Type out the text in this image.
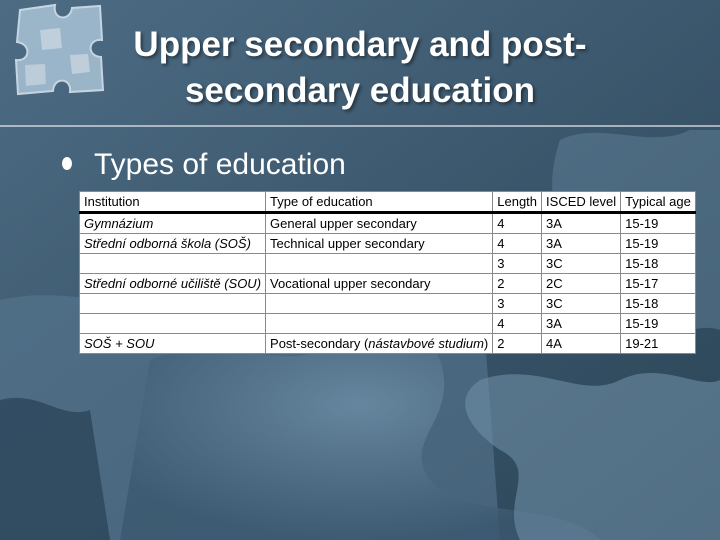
Upper secondary and post-
secondary education
Types of education
Institution	Type of education	Length	ISCED level	Typical age
Gymnázium	General upper secondary	4	3A	15-19
Střední odborná škola (SOŠ)	Technical upper secondary	4	3A	15-19
		3	3C	15-18
Střední odborné učiliště (SOU)	Vocational upper secondary	2	2C	15-17
		3	3C	15-18
		4	3A	15-19
SOŠ + SOU	Post-secondary (nástavbové studium)	2	4A	19-21
